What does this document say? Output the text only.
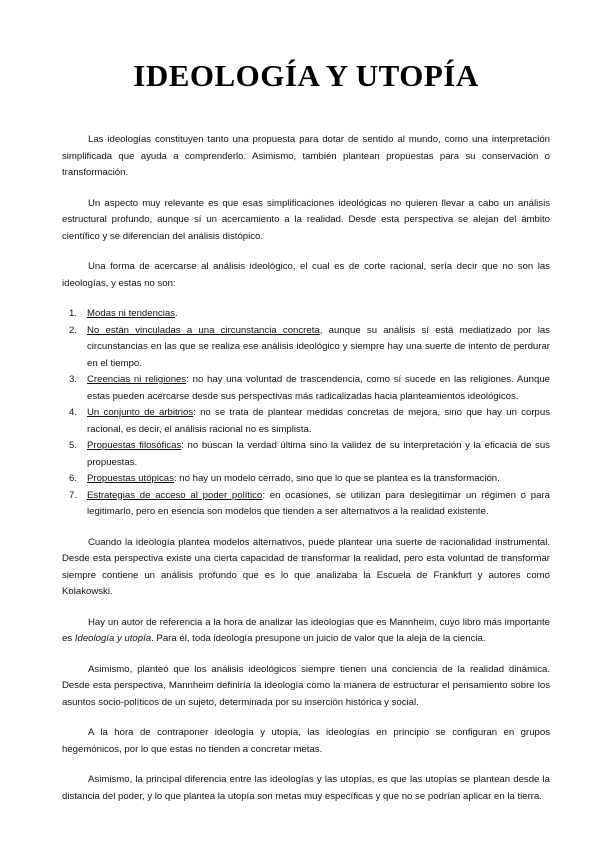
IDEOLOGÍA Y UTOPÍA

Las ideologías constituyen tanto una propuesta para dotar de sentido al mundo, como una interpretación simplificada que ayuda a comprenderlo. Asimismo, también plantean propuestas para su conservación o transformación.

Un aspecto muy relevante es que esas simplificaciones ideológicas no quieren llevar a cabo un análisis estructural profundo, aunque sí un acercamiento a la realidad. Desde esta perspectiva se alejan del ámbito científico y se diferencian del análisis distópico.

Una forma de acercarse al análisis ideológico, el cual es de corte racional, sería decir que no son las ideologías, y estas no son:

1. Modas ni tendencias.
2. No están vinculadas a una circunstancia concreta, aunque su análisis sí está mediatizado por las circunstancias en las que se realiza ese análisis ideológico y siempre hay una suerte de intento de perdurar en el tiempo.
3. Creencias ni religiones: no hay una voluntad de trascendencia, como sí sucede en las religiones. Aunque estas pueden acercarse desde sus perspectivas más radicalizadas hacia planteamientos ideológicos.
4. Un conjunto de arbitrios: no se trata de plantear medidas concretas de mejora, sino que hay un corpus racional, es decir, el análisis racional no es simplista.
5. Propuestas filosóficas: no buscan la verdad última sino la validez de su interpretación y la eficacia de sus propuestas.
6. Propuestas utópicas: no hay un modelo cerrado, sino que lo que se plantea es la transformación.
7. Estrategias de acceso al poder político: en ocasiones, se utilizan para deslegitimar un régimen o para legitimarlo, pero en esencia son modelos que tienden a ser alternativos a la realidad existente.

Cuando la ideología plantea modelos alternativos, puede plantear una suerte de racionalidad instrumental. Desde esta perspectiva existe una cierta capacidad de transformar la realidad, pero esta voluntad de transformar siempre contiene un análisis profundo que es lo que analizaba la Escuela de Frankfurt y autores como Kolakowski.

Hay un autor de referencia a la hora de analizar las ideologías que es Mannheim, cuyo libro más importante es Ideología y utopía. Para él, toda ideología presupone un juicio de valor que la aleja de la ciencia.

Asimismo, planteó que los análisis ideológicos siempre tienen una conciencia de la realidad dinámica. Desde esta perspectiva, Mannheim definiría la ideología como la manera de estructurar el pensamiento sobre los asuntos socio-políticos de un sujeto, determinada por su inserción histórica y social.

A la hora de contraponer ideología y utopía, las ideologías en principio se configuran en grupos hegemónicos, por lo que estas no tienden a concretar metas.

Asimismo, la principal diferencia entre las ideologías y las utopías, es que las utopías se plantean desde la distancia del poder, y lo que plantea la utopía son metas muy específicas y que no se podrían aplicar en la tierra.
